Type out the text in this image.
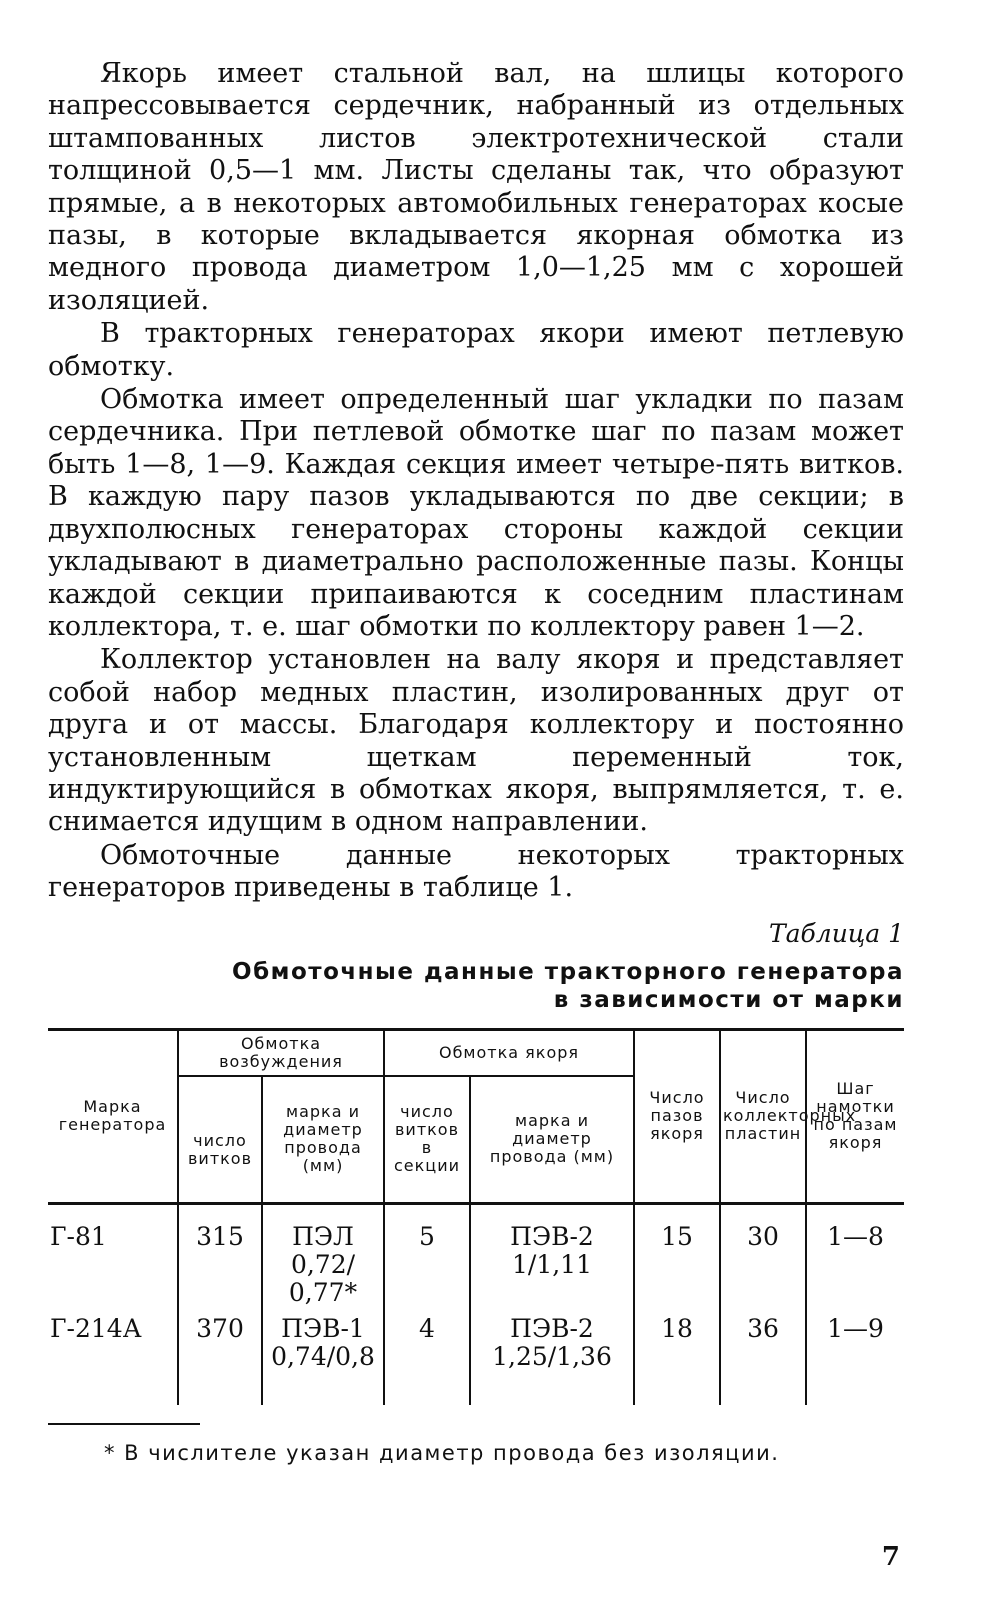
Якорь имеет стальной вал, на шлицы которого напрессовывается сердечник, набранный из отдельных штампованных листов электротехнической стали толщиной 0,5—1 мм. Листы сделаны так, что образуют прямые, а в некоторых автомобильных генераторах косые пазы, в которые вкладывается якорная обмотка из медного провода диаметром 1,0—1,25 мм с хорошей изоляцией.

В тракторных генераторах якори имеют петлевую обмотку.

Обмотка имеет определенный шаг укладки по пазам сердечника. При петлевой обмотке шаг по пазам может быть 1—8, 1—9. Каждая секция имеет четыре-пять витков. В каждую пару пазов укладываются по две секции; в двухполюсных генераторах стороны каждой секции укладывают в диаметрально расположенные пазы. Концы каждой секции припаиваются к соседним пластинам коллектора, т. е. шаг обмотки по коллектору равен 1—2.

Коллектор установлен на валу якоря и представляет собой набор медных пластин, изолированных друг от друга и от массы. Благодаря коллектору и постоянно установленным щеткам переменный ток, индуктирующийся в обмотках якоря, выпрямляется, т. е. снимается идущим в одном направлении.

Обмоточные данные некоторых тракторных генераторов приведены в таблице 1.

Таблица 1
Обмоточные данные тракторного генератора
в зависимости от марки
Марка генератора	Обмотка возбуждения		Обмотка якоря		Число пазов якоря	Число коллекторных пластин	Шаг намотки по пазам якоря
	число витков	марка и диаметр провода (мм)	число витков в секции	марка и диаметр провода (мм)			

Г-81	315	ПЭЛ 0,72/ 0,77*	5	ПЭВ-2 1/1,11	15	30	1—8
Г-214А	370	ПЭВ-1 0,74/0,8	4	ПЭВ-2 1,25/1,36	18	36	1—9
* В числителе указан диаметр провода без изоляции.
7
